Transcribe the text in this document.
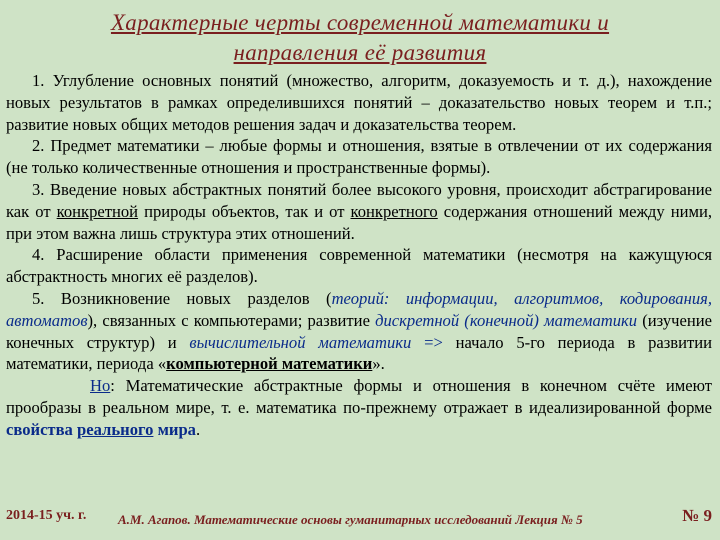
Характерные черты современной математики и
направления её развития

1. Углубление основных понятий (множество, алгоритм, доказуемость и т. д.), нахождение новых результатов в рамках определившихся понятий – доказательство новых теорем и т.п.; развитие новых общих методов решения задач и доказательства теорем.

2. Предмет математики – любые формы и отношения, взятые в отвлечении от их содержания (не только количественные отношения и пространственные формы).

3. Введение новых абстрактных понятий более высокого уровня, происходит абстрагирование как от конкретной природы объектов, так и от конкретного содержания отношений между ними, при этом важна лишь структура этих отношений.

4. Расширение области применения современной математики (несмотря на кажущуюся абстрактность многих её разделов).

5. Возникновение новых разделов (теорий: информации, алгоритмов, кодирования, автоматов), связанных с компьютерами; развитие дискретной (конечной) математики (изучение конечных структур) и вычислительной математики => начало 5-го периода в развитии математики, периода «компьютерной математики».

Но: Математические абстрактные формы и отношения в конечном счёте имеют прообразы в реальном мире, т. е. математика по-прежнему отражает в идеализированной форме свойства реального мира.

2014-15 уч. г. А.М. Агапов. Математические основы гуманитарных исследований Лекция № 5	№ 9
